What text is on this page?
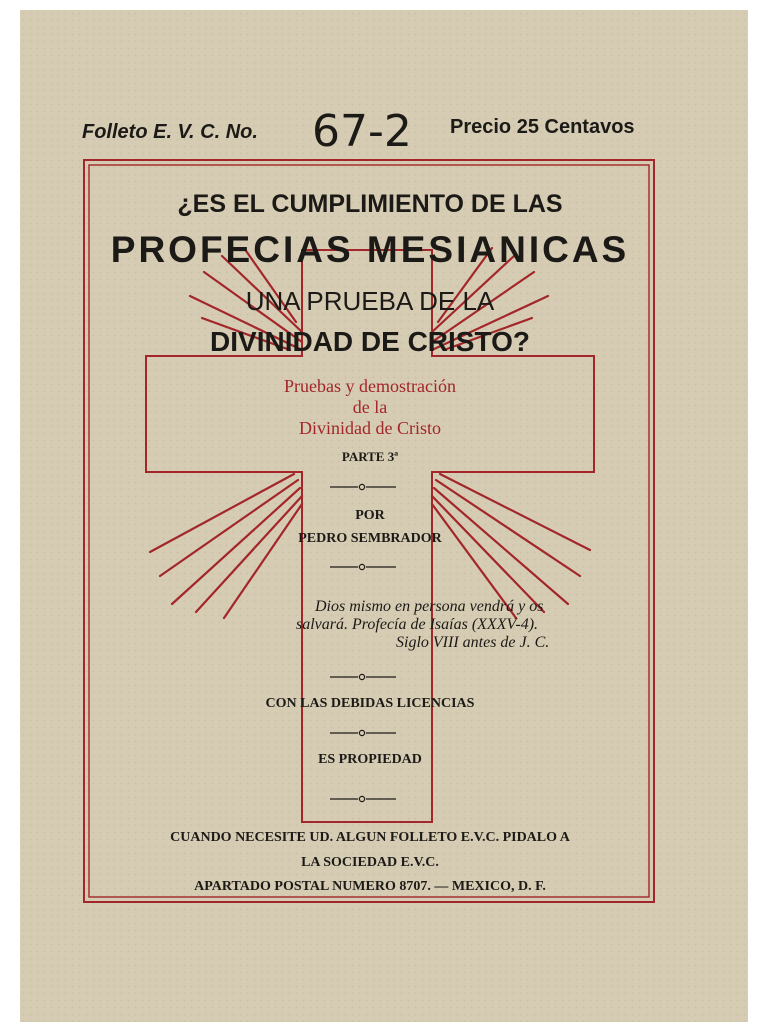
Folleto E. V. C. No. 67-2 Precio 25 Centavos
¿ES EL CUMPLIMIENTO DE LAS
PROFECIAS MESIANICAS
UNA PRUEBA DE LA
DIVINIDAD DE CRISTO?
Pruebas y demostración
de la
Divinidad de Cristo
PARTE 3ª
POR
PEDRO SEMBRADOR
Dios mismo en persona vendrá y os
salvará. Profecía de Isaías (XXXV-4).
Siglo VIII antes de J. C.
CON LAS DEBIDAS LICENCIAS
ES PROPIEDAD
CUANDO NECESITE UD. ALGUN FOLLETO E.V.C. PIDALO A
LA SOCIEDAD E.V.C.
APARTADO POSTAL NUMERO 8707. — MEXICO, D. F.
